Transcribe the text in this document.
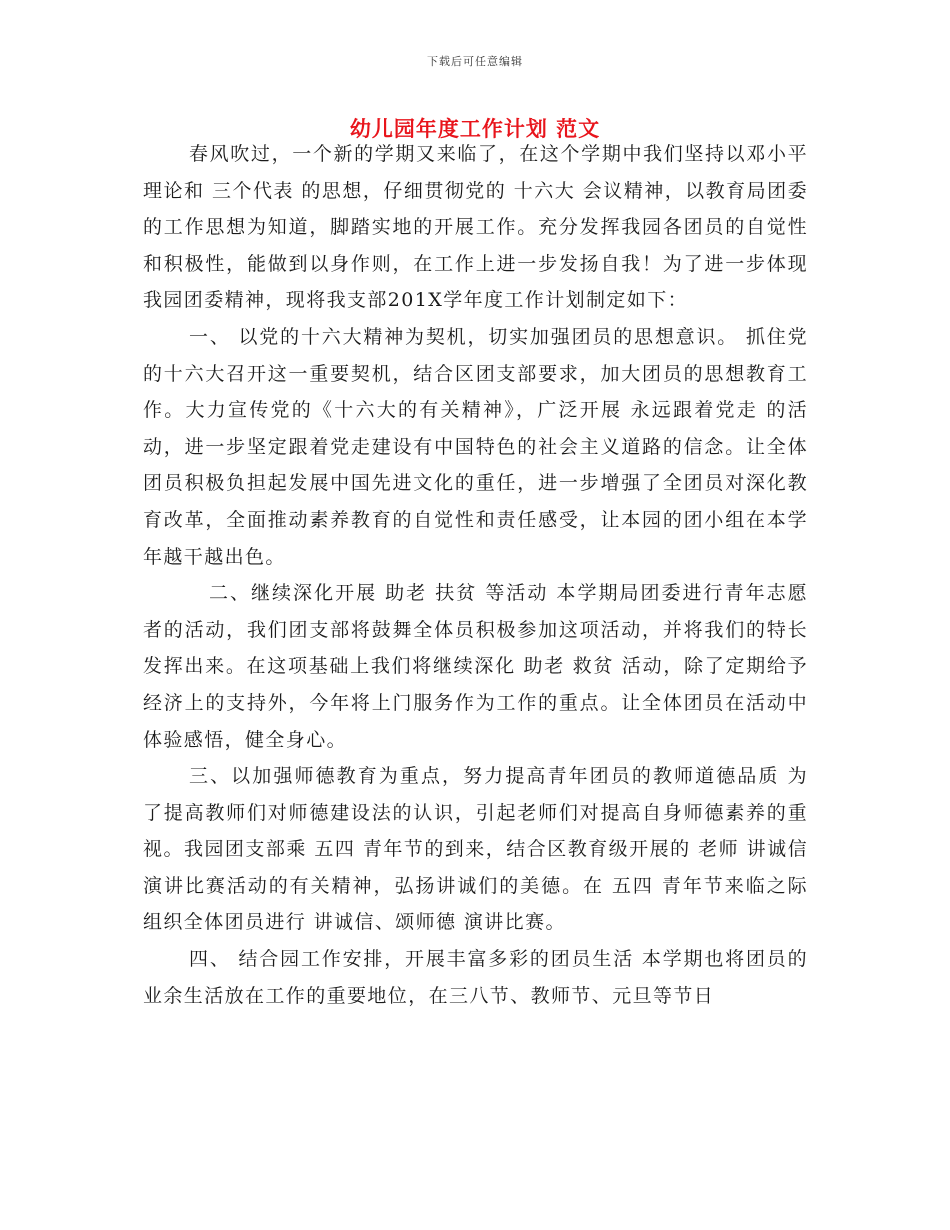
下载后可任意编辑
幼儿园年度工作计划 范文

春风吹过，一个新的学期又来临了，在这个学期中我们坚持以邓小平理论和 三个代表 的思想，仔细贯彻党的 十六大 会议精神，以教育局团委的工作思想为知道，脚踏实地的开展工作。充分发挥我园各团员的自觉性和积极性，能做到以身作则，在工作上进一步发扬自我！为了进一步体现我园团委精神，现将我支部201X学年度工作计划制定如下：

一、 以党的十六大精神为契机，切实加强团员的思想意识。 抓住党的十六大召开这一重要契机，结合区团支部要求，加大团员的思想教育工作。大力宣传党的《十六大的有关精神》，广泛开展 永远跟着党走 的活动，进一步坚定跟着党走建设有中国特色的社会主义道路的信念。让全体团员积极负担起发展中国先进文化的重任，进一步增强了全团员对深化教育改革，全面推动素养教育的自觉性和责任感受，让本园的团小组在本学年越干越出色。

二、继续深化开展 助老 扶贫 等活动 本学期局团委进行青年志愿者的活动，我们团支部将鼓舞全体员积极参加这项活动，并将我们的特长发挥出来。在这项基础上我们将继续深化 助老 救贫 活动，除了定期给予经济上的支持外，今年将上门服务作为工作的重点。让全体团员在活动中体验感悟，健全身心。

三、以加强师德教育为重点，努力提高青年团员的教师道德品质 为了提高教师们对师德建设法的认识，引起老师们对提高自身师德素养的重视。我园团支部乘 五四 青年节的到来，结合区教育级开展的 老师 讲诚信 演讲比赛活动的有关精神，弘扬讲诚们的美德。在 五四 青年节来临之际组织全体团员进行 讲诚信、颂师德 演讲比赛。

四、 结合园工作安排，开展丰富多彩的团员生活 本学期也将团员的业余生活放在工作的重要地位，在三八节、教师节、元旦等节日
